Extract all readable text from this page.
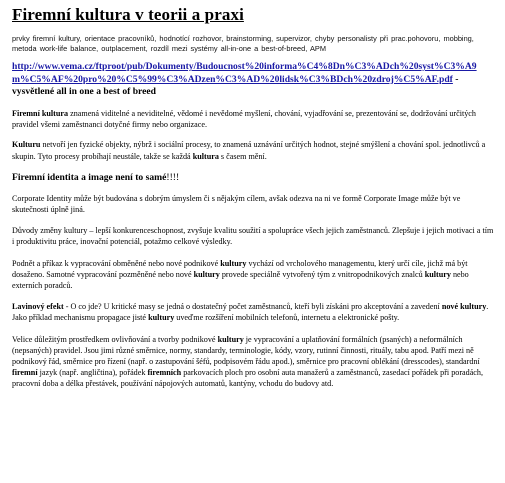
Firemní kultura v teorii a praxi
prvky firemní kultury, orientace pracovníků, hodnotící rozhovor, brainstorming, supervizor, chyby personalisty při prac.pohovoru, mobbing, metoda work-life balance, outplacement, rozdíl mezi systémy all-in-one a best-of-breed, APM
http://www.vema.cz/ftproot/pub/Dokumenty/Budoucnost%20informa%C4%8Dn%C3%ADch%20syst%C3%A9m%C5%AF%20pro%20%C5%99%C3%ADzen%C3%AD%20lidsk%C3%BDch%20zdroj%C5%AF.pdf - vysvětlené all in one a best of breed

Firemní kultura znamená viditelné a neviditelné, vědomé i nevědomé myšlení, chování, vyjadřování se, prezentování se, dodržování určitých pravidel všemi zaměstnanci dotyčné firmy nebo organizace.

Kulturu netvoří jen fyzické objekty, nýbrž i sociální procesy, to znamená uznávání určitých hodnot, stejné smýšlení a chování spol. jednotlivců a skupin. Tyto procesy probíhají neustále, takže se každá kultura s časem mění.

Firemní identita a image není to samé!!!!

Corporate Identity může být budována s dobrým úmyslem či s nějakým cílem, avšak odezva na ni ve formě Corporate Image může být ve skutečnosti úplně jiná.

Důvody změny kultury – lepší konkurenceschopnost, zvyšuje kvalitu soužití a spolupráce všech jejich zaměstnanců. Zlepšuje i jejich motivaci a tím i produktivitu práce, inovační potenciál, potažmo celkové výsledky.

Podnět a příkaz k vypracování obměněné nebo nové podnikové kultury vychází od vrcholového managementu, který určí cíle, jichž má být dosaženo. Samotné vypracování pozměněné nebo nové kultury provede speciálně vytvořený tým z vnitropodnikových znalců kultury nebo externích poradců.

Lavinový efekt - O co jde? U kritické masy se jedná o dostatečný počet zaměstnanců, kteří byli získáni pro akceptování a zavedení nové kultury. Jako příklad mechanismu propagace jisté kultury uveďme rozšíření mobilních telefonů, internetu a elektronické pošty.

Velice důležitým prostředkem ovlivňování a tvorby podnikové kultury je vypracování a uplatňování formálních (psaných) a neformálních (nepsaných) pravidel. Jsou jimi různé směrnice, normy, standardy, terminologie, kódy, vzory, rutinní činnosti, rituály, tabu apod. Patří mezi ně podnikový řád, směrnice pro řízení (např. o zastupování šéfů, podpisovém řádu apod.), směrnice pro pracovní oblékání (dresscodes), standardní firemní jazyk (např. angličtina), pořádek firemních parkovacích ploch pro osobní auta manažerů a zaměstnanců, zasedací pořádek při poradách, pracovní doba a délka přestávek, používání nápojových automatů, kantýny, vchodu do budovy atd.
